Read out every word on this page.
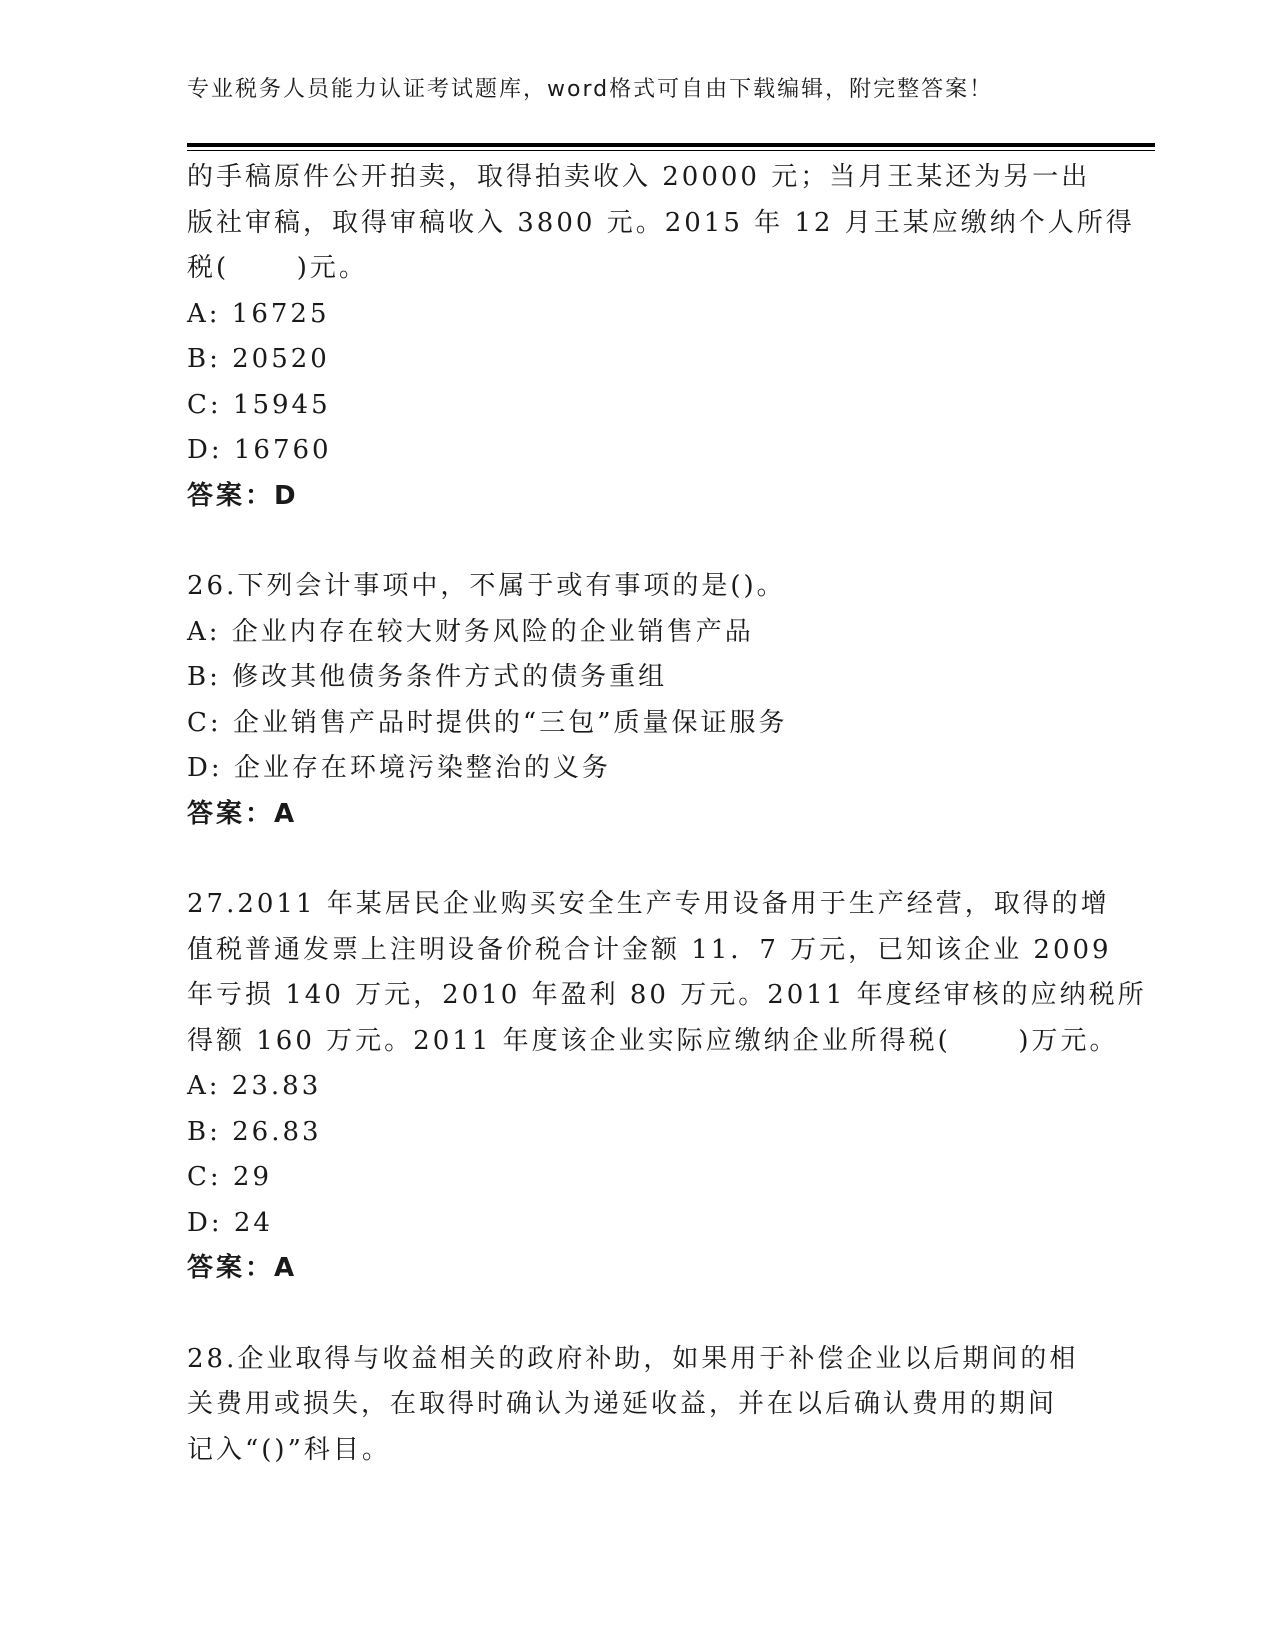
专业税务人员能力认证考试题库，word格式可自由下载编辑，附完整答案！
的手稿原件公开拍卖，取得拍卖收入 20000 元；当月王某还为另一出
版社审稿，取得审稿收入 3800 元。2015 年 12 月王某应缴纳个人所得
税(      )元。
A: 16725
B: 20520
C: 15945
D: 16760
答案：D
26.下列会计事项中，不属于或有事项的是()。
A: 企业内存在较大财务风险的企业销售产品
B: 修改其他债务条件方式的债务重组
C: 企业销售产品时提供的“三包”质量保证服务
D: 企业存在环境污染整治的义务
答案：A
27.2011 年某居民企业购买安全生产专用设备用于生产经营，取得的增
值税普通发票上注明设备价税合计金额 11．7 万元，已知该企业 2009
年亏损 140 万元，2010 年盈利 80 万元。2011 年度经审核的应纳税所
得额 160 万元。2011 年度该企业实际应缴纳企业所得税(      )万元。
A: 23.83
B: 26.83
C: 29
D: 24
答案：A
28.企业取得与收益相关的政府补助，如果用于补偿企业以后期间的相
关费用或损失，在取得时确认为递延收益，并在以后确认费用的期间
记入“()”科目。
